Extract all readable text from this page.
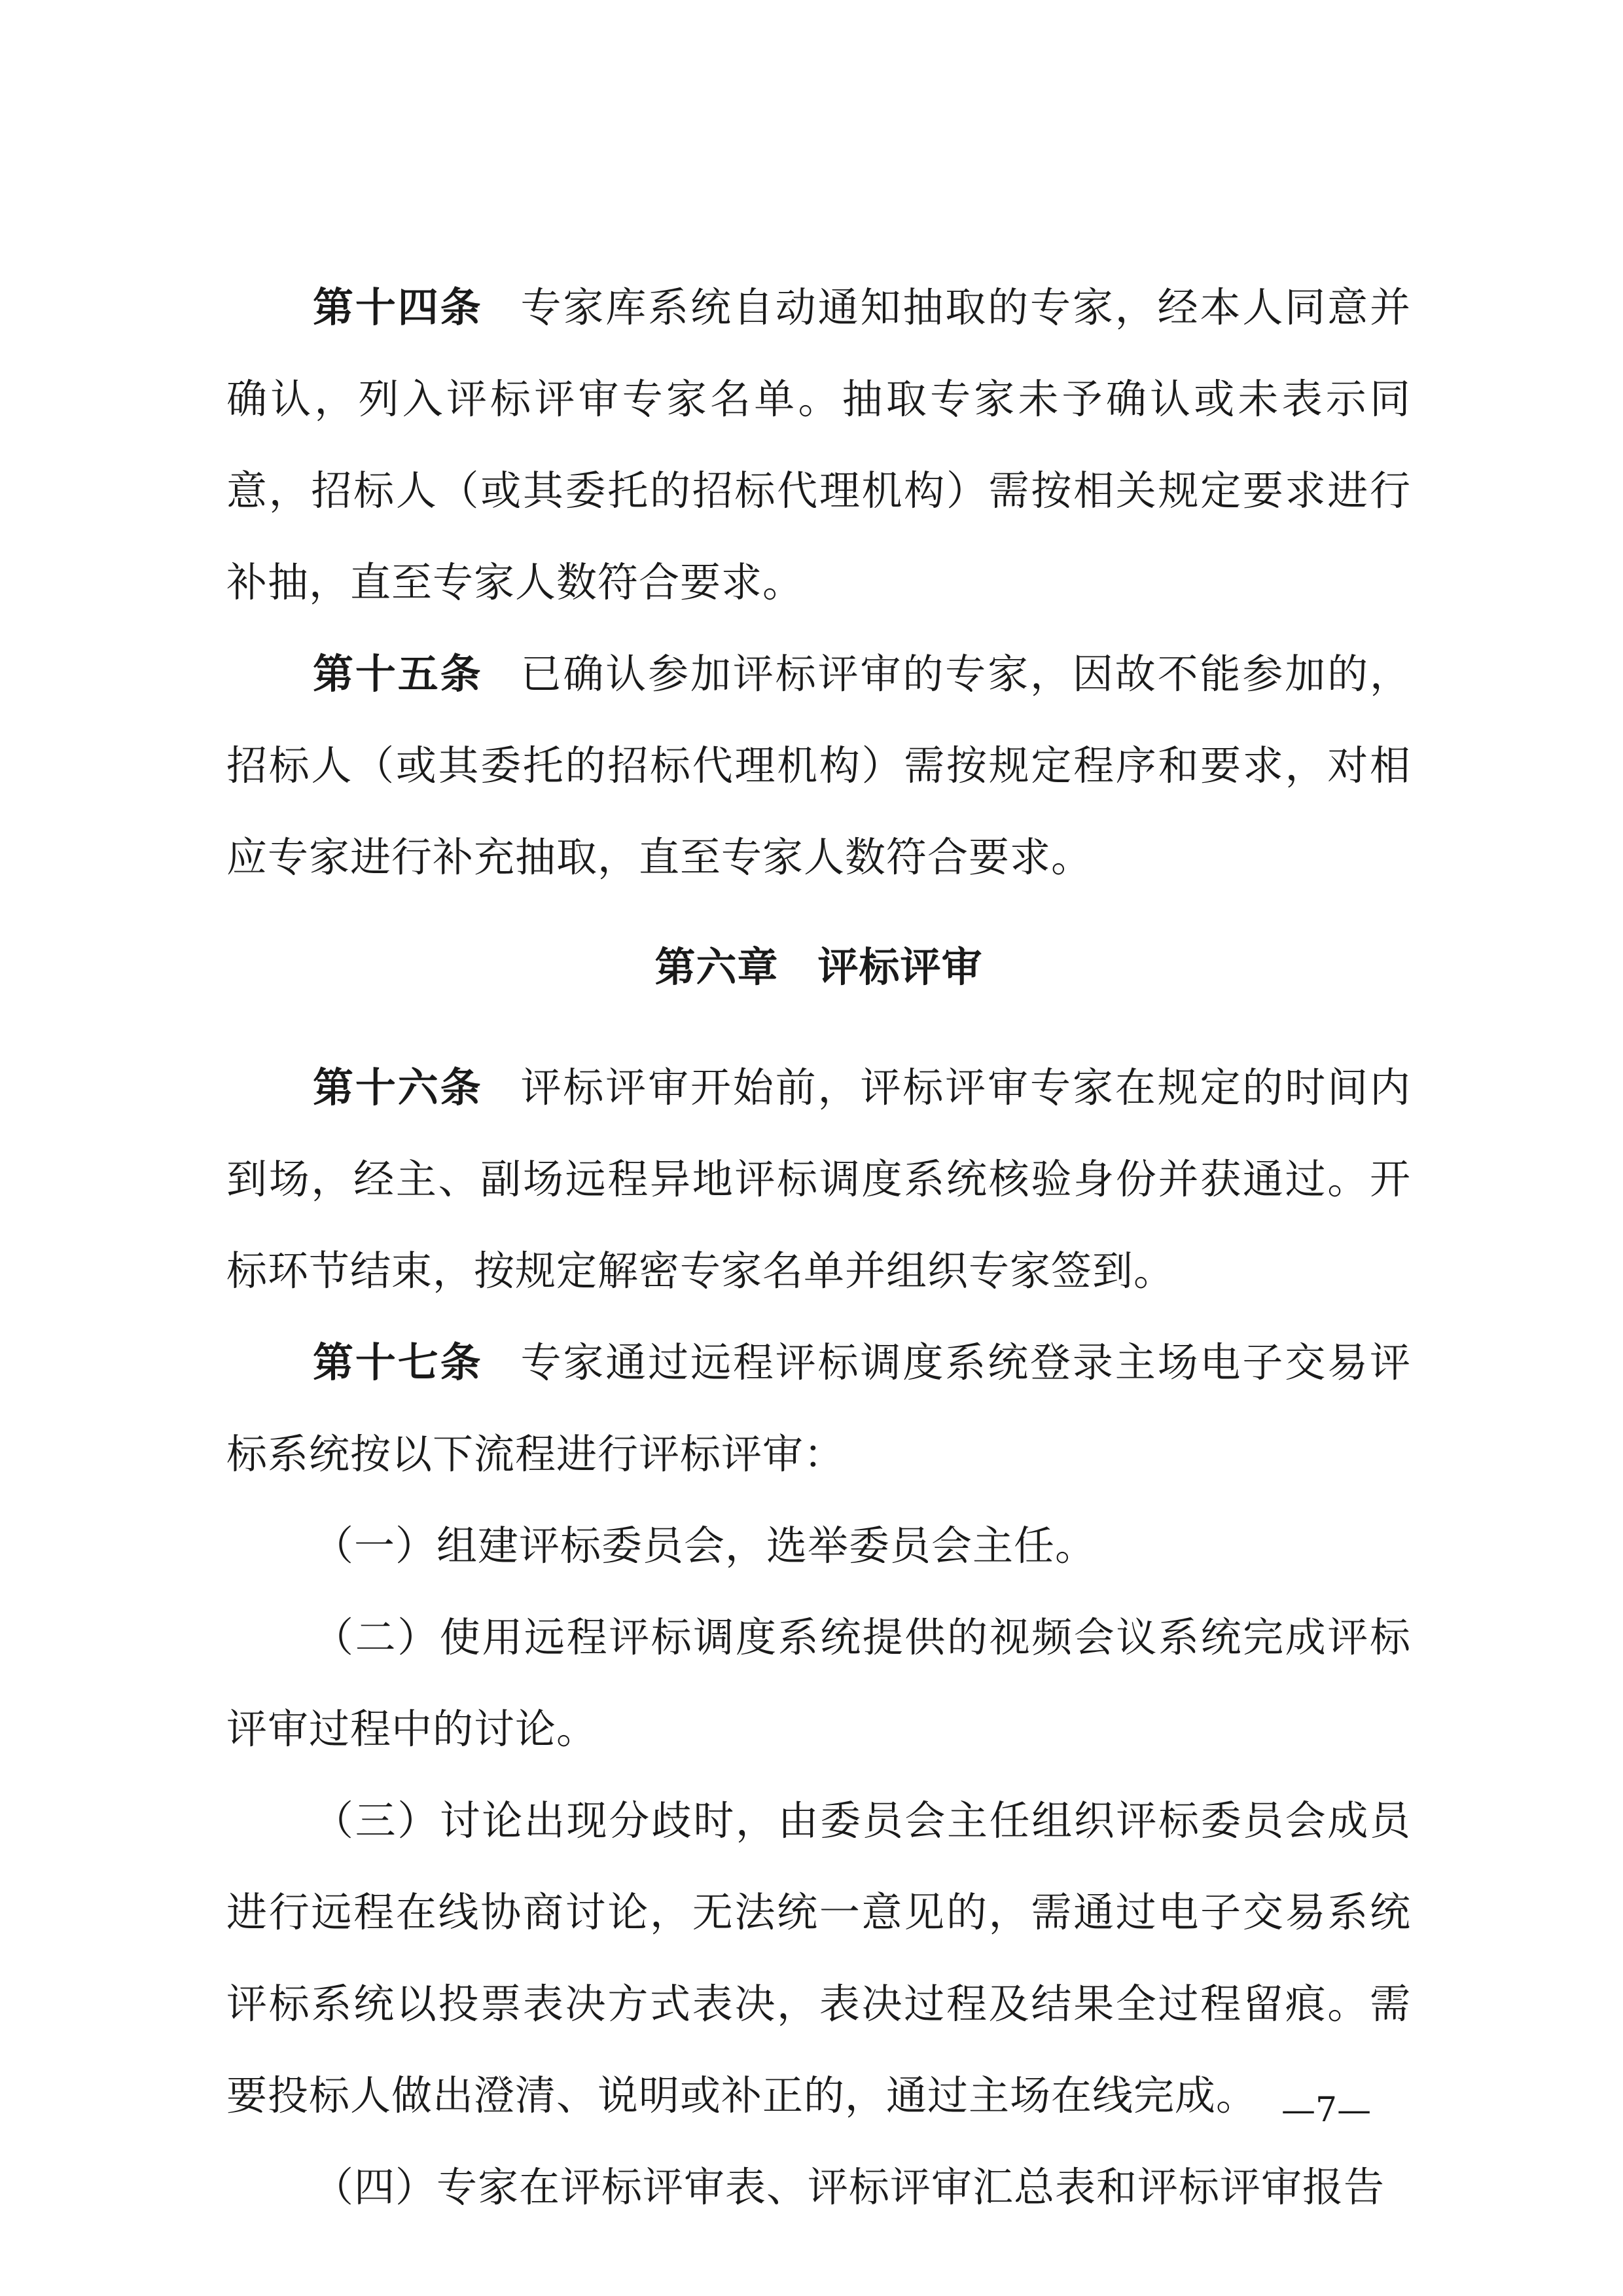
第十四条 专家库系统自动通知抽取的专家，经本人同意并确认，列入评标评审专家名单。抽取专家未予确认或未表示同意，招标人（或其委托的招标代理机构）需按相关规定要求进行补抽，直至专家人数符合要求。

第十五条 已确认参加评标评审的专家，因故不能参加的，招标人（或其委托的招标代理机构）需按规定程序和要求，对相应专家进行补充抽取，直至专家人数符合要求。

第六章 评标评审

第十六条 评标评审开始前，评标评审专家在规定的时间内到场，经主、副场远程异地评标调度系统核验身份并获通过。开标环节结束，按规定解密专家名单并组织专家签到。

第十七条 专家通过远程评标调度系统登录主场电子交易评标系统按以下流程进行评标评审：

（一）组建评标委员会，选举委员会主任。

（二）使用远程评标调度系统提供的视频会议系统完成评标评审过程中的讨论。

（三）讨论出现分歧时，由委员会主任组织评标委员会成员进行远程在线协商讨论，无法统一意见的，需通过电子交易系统评标系统以投票表决方式表决，表决过程及结果全过程留痕。需要投标人做出澄清、说明或补正的，通过主场在线完成。

（四）专家在评标评审表、评标评审汇总表和评标评审报告

—7—
